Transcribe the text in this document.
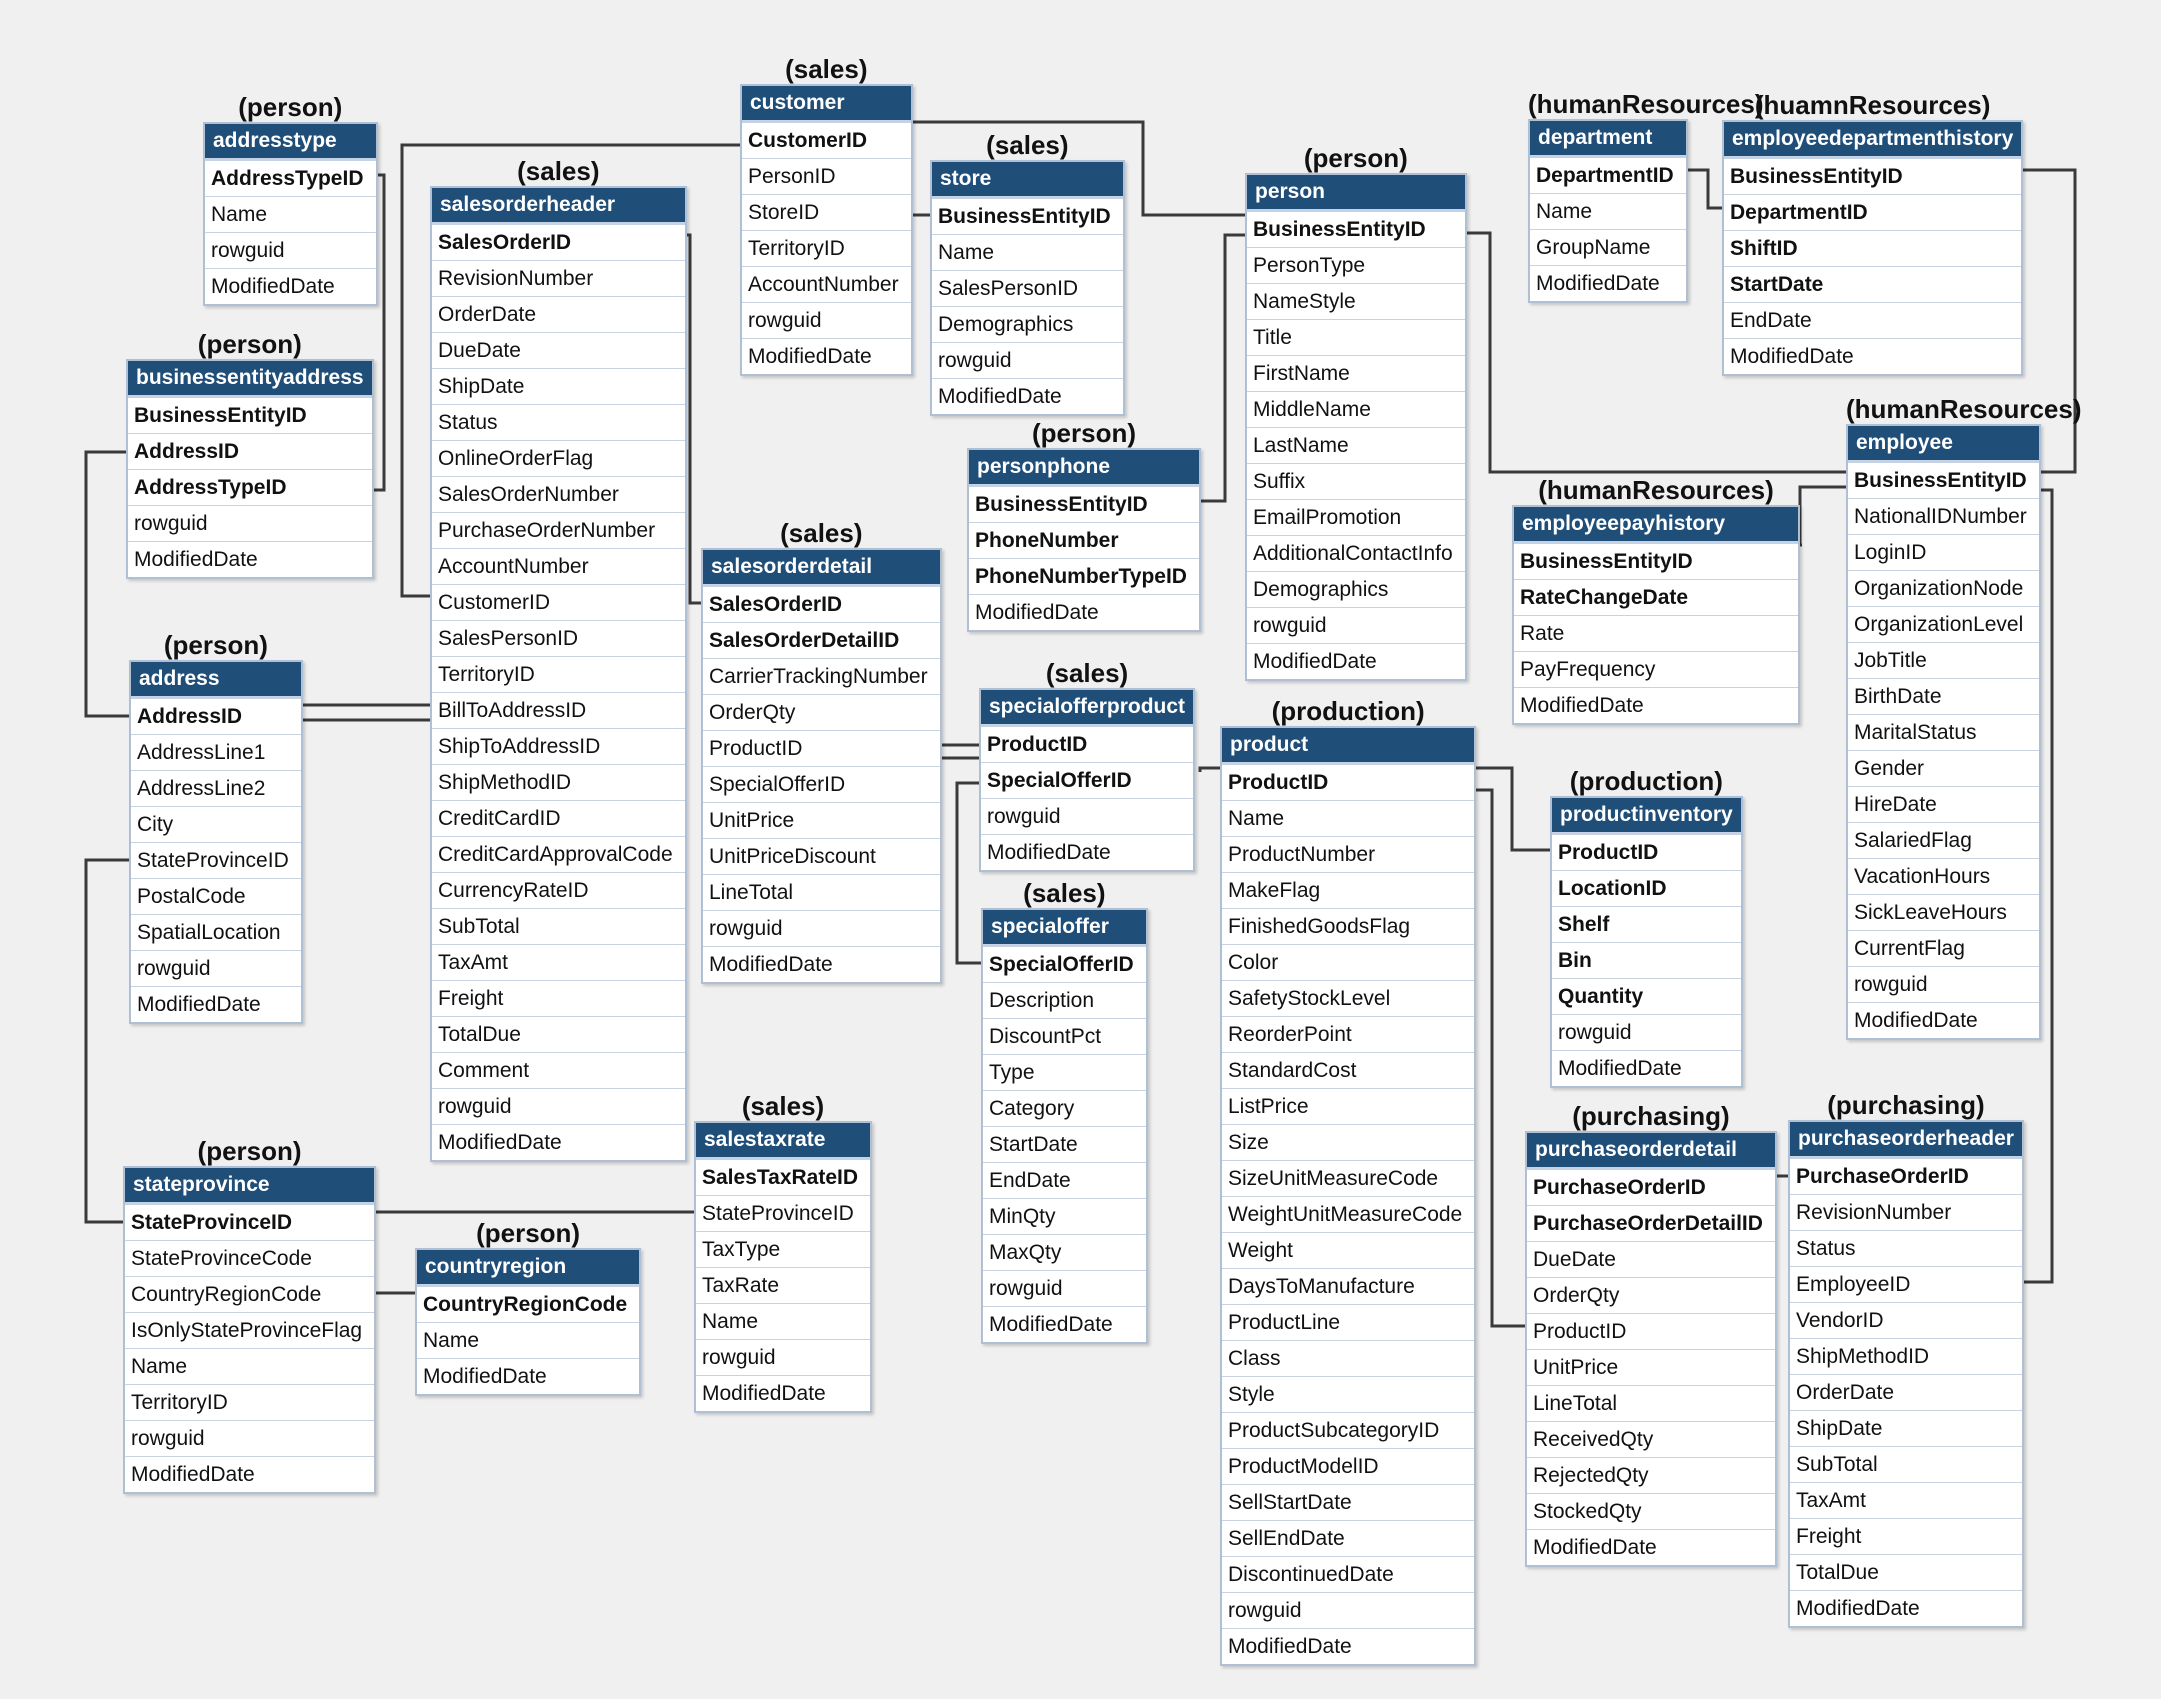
(person)
addresstype
AddressTypeID
Name
rowguid
ModifiedDate
(person)
businessentityaddress
BusinessEntityID
AddressID
AddressTypeID
rowguid
ModifiedDate
(person)
address
AddressID
AddressLine1
AddressLine2
City
StateProvinceID
PostalCode
SpatialLocation
rowguid
ModifiedDate
(person)
stateprovince
StateProvinceID
StateProvinceCode
CountryRegionCode
IsOnlyStateProvinceFlag
Name
TerritoryID
rowguid
ModifiedDate
(person)
countryregion
CountryRegionCode
Name
ModifiedDate
(sales)
salesorderheader
SalesOrderID
RevisionNumber
OrderDate
DueDate
ShipDate
Status
OnlineOrderFlag
SalesOrderNumber
PurchaseOrderNumber
AccountNumber
CustomerID
SalesPersonID
TerritoryID
BillToAddressID
ShipToAddressID
ShipMethodID
CreditCardID
CreditCardApprovalCode
CurrencyRateID
SubTotal
TaxAmt
Freight
TotalDue
Comment
rowguid
ModifiedDate
(sales)
customer
CustomerID
PersonID
StoreID
TerritoryID
AccountNumber
rowguid
ModifiedDate
(sales)
store
BusinessEntityID
Name
SalesPersonID
Demographics
rowguid
ModifiedDate
(person)
personphone
BusinessEntityID
PhoneNumber
PhoneNumberTypeID
ModifiedDate
(sales)
salesorderdetail
SalesOrderID
SalesOrderDetailID
CarrierTrackingNumber
OrderQty
ProductID
SpecialOfferID
UnitPrice
UnitPriceDiscount
LineTotal
rowguid
ModifiedDate
(sales)
specialofferproduct
ProductID
SpecialOfferID
rowguid
ModifiedDate
(sales)
specialoffer
SpecialOfferID
Description
DiscountPct
Type
Category
StartDate
EndDate
MinQty
MaxQty
rowguid
ModifiedDate
(sales)
salestaxrate
SalesTaxRateID
StateProvinceID
TaxType
TaxRate
Name
rowguid
ModifiedDate
(person)
person
BusinessEntityID
PersonType
NameStyle
Title
FirstName
MiddleName
LastName
Suffix
EmailPromotion
AdditionalContactInfo
Demographics
rowguid
ModifiedDate
(production)
product
ProductID
Name
ProductNumber
MakeFlag
FinishedGoodsFlag
Color
SafetyStockLevel
ReorderPoint
StandardCost
ListPrice
Size
SizeUnitMeasureCode
WeightUnitMeasureCode
Weight
DaysToManufacture
ProductLine
Class
Style
ProductSubcategoryID
ProductModelID
SellStartDate
SellEndDate
DiscontinuedDate
rowguid
ModifiedDate
(humanResources)
department
DepartmentID
Name
GroupName
ModifiedDate
(huamnResources)
employeedepartmenthistory
BusinessEntityID
DepartmentID
ShiftID
StartDate
EndDate
ModifiedDate
(humanResources)
employeepayhistory
BusinessEntityID
RateChangeDate
Rate
PayFrequency
ModifiedDate
(humanResources)
employee
BusinessEntityID
NationalIDNumber
LoginID
OrganizationNode
OrganizationLevel
JobTitle
BirthDate
MaritalStatus
Gender
HireDate
SalariedFlag
VacationHours
SickLeaveHours
CurrentFlag
rowguid
ModifiedDate
(production)
productinventory
ProductID
LocationID
Shelf
Bin
Quantity
rowguid
ModifiedDate
(purchasing)
purchaseorderdetail
PurchaseOrderID
PurchaseOrderDetailID
DueDate
OrderQty
ProductID
UnitPrice
LineTotal
ReceivedQty
RejectedQty
StockedQty
ModifiedDate
(purchasing)
purchaseorderheader
PurchaseOrderID
RevisionNumber
Status
EmployeeID
VendorID
ShipMethodID
OrderDate
ShipDate
SubTotal
TaxAmt
Freight
TotalDue
ModifiedDate
